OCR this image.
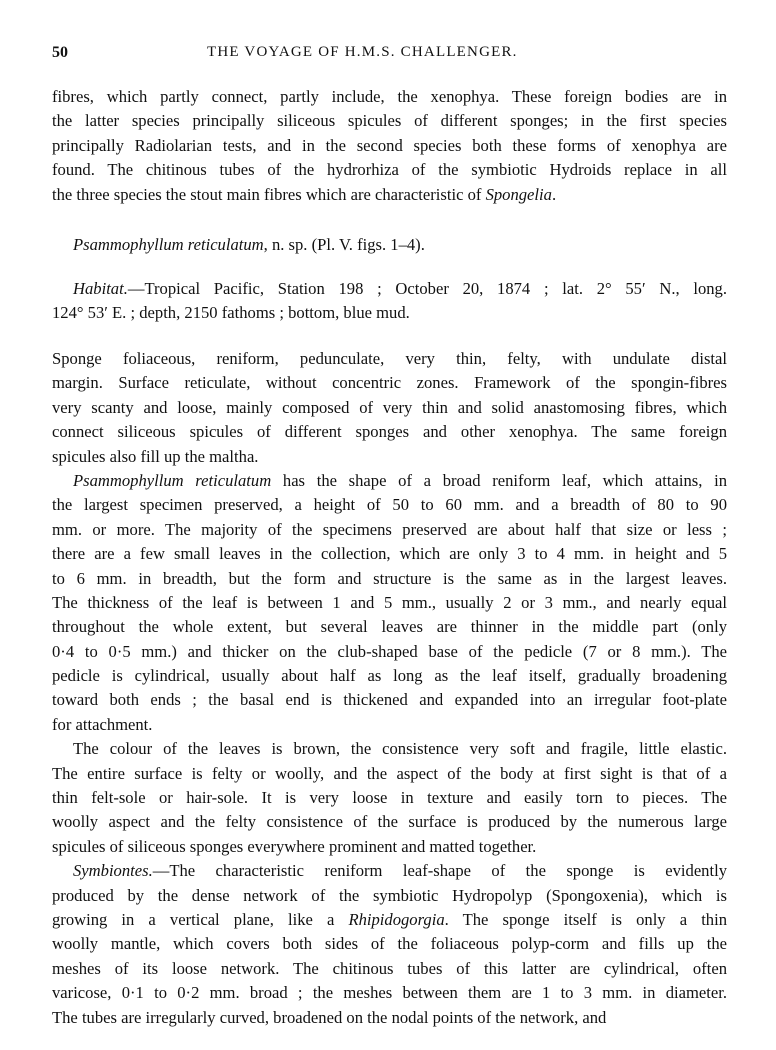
50	THE VOYAGE OF H.M.S. CHALLENGER.
fibres, which partly connect, partly include, the xenophya. These foreign bodies are in
the latter species principally siliceous spicules of different sponges; in the first species
principally Radiolarian tests, and in the second species both these forms of xenophya are
found. The chitinous tubes of the hydrorhiza of the symbiotic Hydroids replace in all
the three species the stout main fibres which are characteristic of Spongelia.
Psammophyllum reticulatum, n. sp. (Pl. V. figs. 1–4).
Habitat.—Tropical Pacific, Station 198 ; October 20, 1874 ; lat. 2° 55′ N., long.
124° 53′ E. ; depth, 2150 fathoms ; bottom, blue mud.
Sponge foliaceous, reniform, pedunculate, very thin, felty, with undulate distal
margin. Surface reticulate, without concentric zones. Framework of the spongin-fibres
very scanty and loose, mainly composed of very thin and solid anastomosing fibres, which
connect siliceous spicules of different sponges and other xenophya. The same foreign
spicules also fill up the maltha.
Psammophyllum reticulatum has the shape of a broad reniform leaf, which attains, in
the largest specimen preserved, a height of 50 to 60 mm. and a breadth of 80 to 90
mm. or more. The majority of the specimens preserved are about half that size or less ;
there are a few small leaves in the collection, which are only 3 to 4 mm. in height and 5
to 6 mm. in breadth, but the form and structure is the same as in the largest leaves.
The thickness of the leaf is between 1 and 5 mm., usually 2 or 3 mm., and nearly equal
throughout the whole extent, but several leaves are thinner in the middle part (only
0·4 to 0·5 mm.) and thicker on the club-shaped base of the pedicle (7 or 8 mm.). The
pedicle is cylindrical, usually about half as long as the leaf itself, gradually broadening
toward both ends ; the basal end is thickened and expanded into an irregular foot-plate
for attachment.
The colour of the leaves is brown, the consistence very soft and fragile, little elastic.
The entire surface is felty or woolly, and the aspect of the body at first sight is that of a
thin felt-sole or hair-sole. It is very loose in texture and easily torn to pieces. The
woolly aspect and the felty consistence of the surface is produced by the numerous large
spicules of siliceous sponges everywhere prominent and matted together.
Symbiontes.—The characteristic reniform leaf-shape of the sponge is evidently
produced by the dense network of the symbiotic Hydropolyp (Spongoxenia), which is
growing in a vertical plane, like a Rhipidogorgia. The sponge itself is only a thin
woolly mantle, which covers both sides of the foliaceous polyp-corm and fills up the
meshes of its loose network. The chitinous tubes of this latter are cylindrical, often
varicose, 0·1 to 0·2 mm. broad ; the meshes between them are 1 to 3 mm. in diameter.
The tubes are irregularly curved, broadened on the nodal points of the network, and
